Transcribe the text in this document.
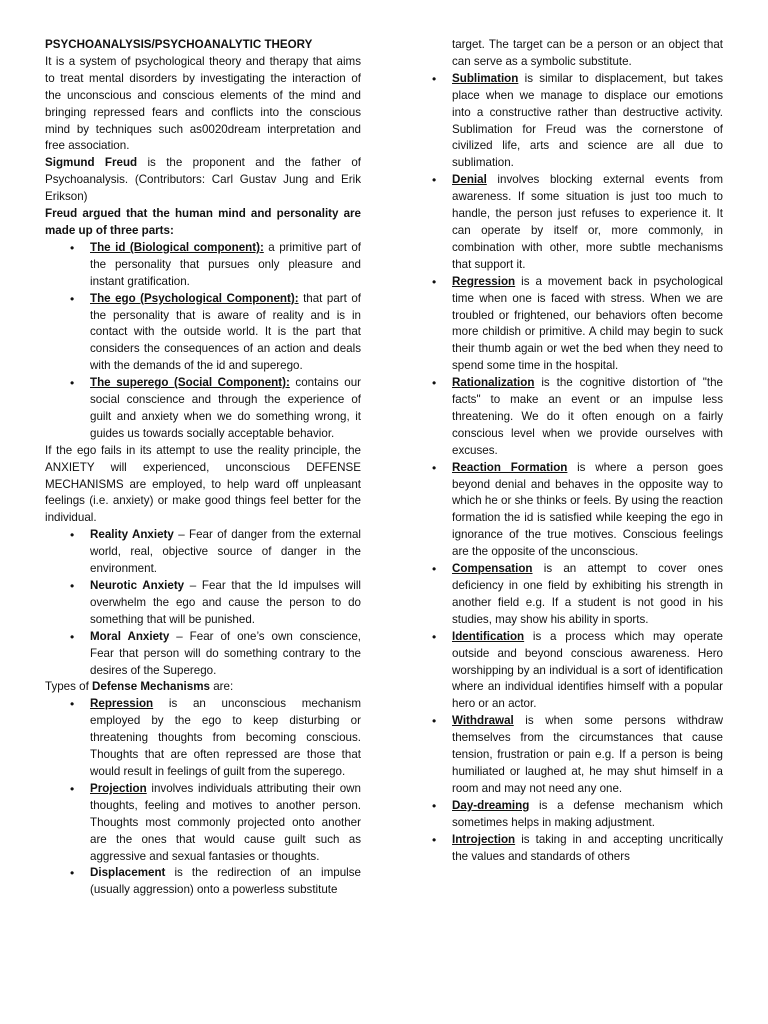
PSYCHOANALYSIS/PSYCHOANALYTIC THEORY

It is a system of psychological theory and therapy that aims to treat mental disorders by investigating the interaction of the unconscious and conscious elements of the mind and bringing repressed fears and conflicts into the conscious mind by techniques such as0020dream interpretation and free association.

Sigmund Freud is the proponent and the father of Psychoanalysis. (Contributors: Carl Gustav Jung and Erik Erikson)

Freud argued that the human mind and personality are made up of three parts:

• The id (Biological component): a primitive part of the personality that pursues only pleasure and instant gratification.
• The ego (Psychological Component): that part of the personality that is aware of reality and is in contact with the outside world. It is the part that considers the consequences of an action and deals with the demands of the id and superego.
• The superego (Social Component): contains our social conscience and through the experience of guilt and anxiety when we do something wrong, it guides us towards socially acceptable behavior.

If the ego fails in its attempt to use the reality principle, the ANXIETY will experienced, unconscious DEFENSE MECHANISMS are employed, to help ward off unpleasant feelings (i.e. anxiety) or make good things feel better for the individual.

• Reality Anxiety – Fear of danger from the external world, real, objective source of danger in the environment.
• Neurotic Anxiety – Fear that the Id impulses will overwhelm the ego and cause the person to do something that will be punished.
• Moral Anxiety – Fear of one’s own conscience, Fear that person will do something contrary to the desires of the Superego.

Types of Defense Mechanisms are:

• Repression is an unconscious mechanism employed by the ego to keep disturbing or threatening thoughts from becoming conscious. Thoughts that are often repressed are those that would result in feelings of guilt from the superego.
• Projection involves individuals attributing their own thoughts, feeling and motives to another person. Thoughts most commonly projected onto another are the ones that would cause guilt such as aggressive and sexual fantasies or thoughts.
• Displacement is the redirection of an impulse (usually aggression) onto a powerless substitute

target. The target can be a person or an object that can serve as a symbolic substitute.

• Sublimation is similar to displacement, but takes place when we manage to displace our emotions into a constructive rather than destructive activity. Sublimation for Freud was the cornerstone of civilized life, arts and science are all due to sublimation.
• Denial involves blocking external events from awareness. If some situation is just too much to handle, the person just refuses to experience it. It can operate by itself or, more commonly, in combination with other, more subtle mechanisms that support it.
• Regression is a movement back in psychological time when one is faced with stress. When we are troubled or frightened, our behaviors often become more childish or primitive. A child may begin to suck their thumb again or wet the bed when they need to spend some time in the hospital.
• Rationalization is the cognitive distortion of "the facts" to make an event or an impulse less threatening. We do it often enough on a fairly conscious level when we provide ourselves with excuses.
• Reaction Formation is where a person goes beyond denial and behaves in the opposite way to which he or she thinks or feels. By using the reaction formation the id is satisfied while keeping the ego in ignorance of the true motives. Conscious feelings are the opposite of the unconscious.
• Compensation is an attempt to cover ones deficiency in one field by exhibiting his strength in another field e.g. If a student is not good in his studies, may show his ability in sports.
• Identification is a process which may operate outside and beyond conscious awareness. Hero worshipping by an individual is a sort of identification where an individual identifies himself with a popular hero or an actor.
• Withdrawal is when some persons withdraw themselves from the circumstances that cause tension, frustration or pain e.g. If a person is being humiliated or laughed at, he may shut himself in a room and may not need any one.
• Day-dreaming is a defense mechanism which sometimes helps in making adjustment.
• Introjection is taking in and accepting uncritically the values and standards of others
